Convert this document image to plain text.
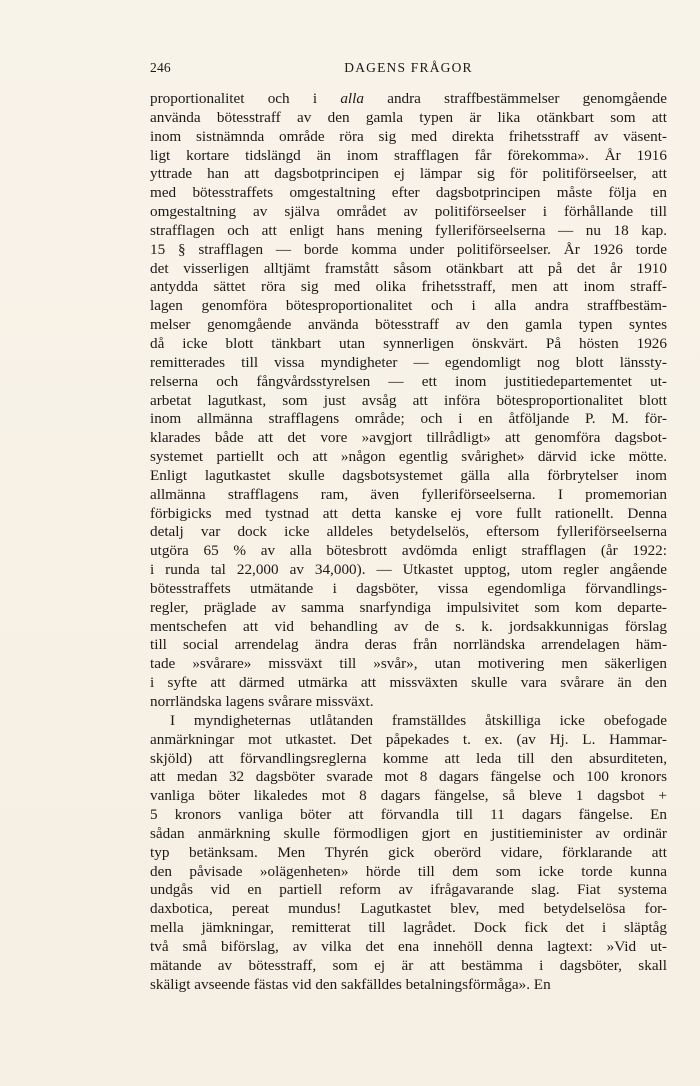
246	DAGENS FRÅGOR
proportionalitet och i alla andra straffbestämmelser genomgående
använda bötesstraff av den gamla typen är lika otänkbart som att
inom sistnämnda område röra sig med direkta frihetsstraff av väsent-
ligt kortare tidslängd än inom strafflagen får förekomma». År 1916
yttrade han att dagsbotprincipen ej lämpar sig för politiförseelser, att
med bötesstraffets omgestaltning efter dagsbotprincipen måste följa en
omgestaltning av själva området av politiförseelser i förhållande till
strafflagen och att enligt hans mening fylleriförseelserna — nu 18 kap.
15 § strafflagen — borde komma under politiförseelser. År 1926 torde
det visserligen alltjämt framstått såsom otänkbart att på det år 1910
antydda sättet röra sig med olika frihetsstraff, men att inom straff-
lagen genomföra bötesproportionalitet och i alla andra straffbestäm-
melser genomgående använda bötesstraff av den gamla typen syntes
då icke blott tänkbart utan synnerligen önskvärt. På hösten 1926
remitterades till vissa myndigheter — egendomligt nog blott länssty-
relserna och fångvårdsstyrelsen — ett inom justitiedepartementet ut-
arbetat lagutkast, som just avsåg att införa bötesproportionalitet blott
inom allmänna strafflagens område; och i en åtföljande P. M. för-
klarades både att det vore »avgjort tillrådligt» att genomföra dagsbot-
systemet partiellt och att »någon egentlig svårighet» därvid icke mötte.
Enligt lagutkastet skulle dagsbotsystemet gälla alla förbrytelser inom
allmänna strafflagens ram, även fylleriförseelserna. I promemorian
förbigicks med tystnad att detta kanske ej vore fullt rationellt. Denna
detalj var dock icke alldeles betydelselös, eftersom fylleriförseelserna
utgöra 65 % av alla bötesbrott avdömda enligt strafflagen (år 1922:
i runda tal 22,000 av 34,000). — Utkastet upptog, utom regler angående
bötesstraffets utmätande i dagsböter, vissa egendomliga förvandlings-
regler, präglade av samma snarfyndiga impulsivitet som kom departe-
mentschefen att vid behandling av de s. k. jordsakkunnigas förslag
till social arrendelag ändra deras från norrländska arrendelagen häm-
tade »svårare» missväxt till »svår», utan motivering men säkerligen
i syfte att därmed utmärka att missväxten skulle vara svårare än den
norrländska lagens svårare missväxt.
I myndigheternas utlåtanden framställdes åtskilliga icke obefogade
anmärkningar mot utkastet. Det påpekades t. ex. (av Hj. L. Hammar-
skjöld) att förvandlingsreglerna komme att leda till den absurditeten,
att medan 32 dagsböter svarade mot 8 dagars fängelse och 100 kronors
vanliga böter likaledes mot 8 dagars fängelse, så bleve 1 dagsbot +
5 kronors vanliga böter att förvandla till 11 dagars fängelse. En
sådan anmärkning skulle förmodligen gjort en justitieminister av ordinär
typ betänksam. Men Thyrén gick oberörd vidare, förklarande att
den påvisade »olägenheten» hörde till dem som icke torde kunna
undgås vid en partiell reform av ifrågavarande slag. Fiat systema
daxbotica, pereat mundus! Lagutkastet blev, med betydelselösa for-
mella jämkningar, remitterat till lagrådet. Dock fick det i släptåg
två små biförslag, av vilka det ena innehöll denna lagtext: »Vid ut-
mätande av bötesstraff, som ej är att bestämma i dagsböter, skall
skäligt avseende fästas vid den sakfälldes betalningsförmåga». En
